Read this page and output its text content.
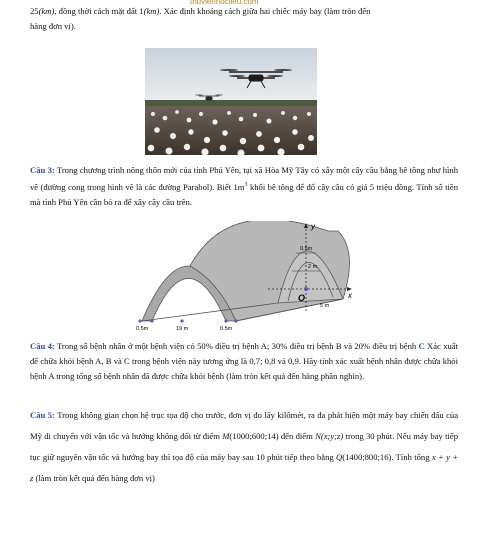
thuvienhoclieu.com
25(km), đồng thời cách mặt đất 1(km). Xác định khoảng cách giữa hai chiếc máy bay (làm tròn đến
hàng đơn vị).
Câu 3: Trong chương trình nông thôn mới của tỉnh Phú Yên, tại xã Hòa Mỹ Tây có xây một cây cầu bằng bê tông như hình vẽ (đường cong trong hình vẽ là các đường Parabol). Biết $1m^3$ khối bê tông để đổ cây cầu có giá 5 triệu đồng. Tính số tiền mà tỉnh Phú Yên cần bỏ ra để xây cây cầu trên.
y
x
O
0.5m
2 m
5 m
0.5m	19 m	0.5m
Câu 4: Trong số bệnh nhân ở một bệnh viện có 50% điều trị bệnh A; 30% điều trị bệnh B và 20% điều trị bệnh C Xác xuất để chữa khỏi bệnh A, B và C trong bệnh viện này tương ứng là 0,7; 0,8 và 0,9. Hãy tính xác xuất bệnh nhân được chữa khỏi bệnh A trong tổng số bệnh nhân đã được chữa khỏi bệnh (làm tròn kết quả đến hàng phần nghìn).
Câu 5: Trong không gian chọn hệ trục tọa độ cho trước, đơn vị đo lấy kilômét, ra đa phát hiện một máy bay chiến đấu của Mỹ di chuyển với vận tốc và hướng không đổi từ điểm M(1000;600;14) đến điểm N(x;y;z) trong 30 phút. Nếu máy bay tiếp tục giữ nguyên vận tốc và hướng bay thì tọa độ của máy bay sau 10 phút tiếp theo bằng Q(1400;800;16). Tính tổng x + y + z (làm tròn kết quả đến hàng đơn vị)
